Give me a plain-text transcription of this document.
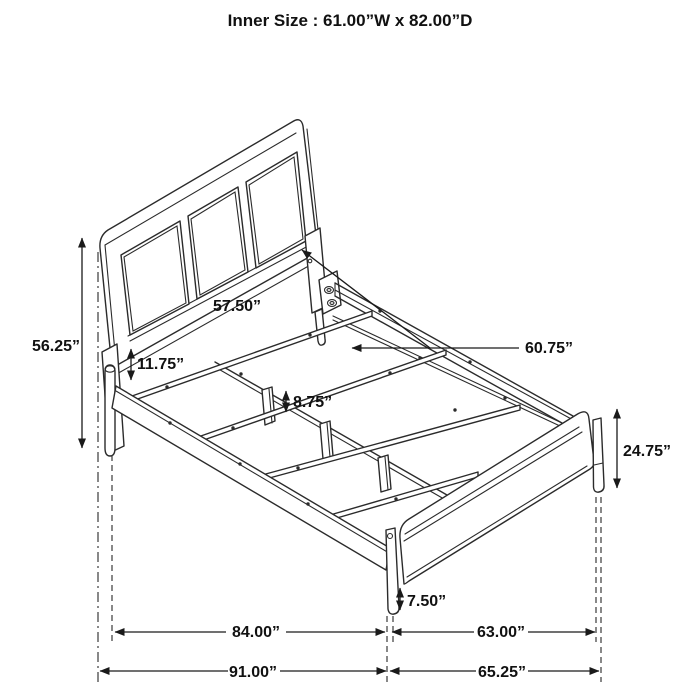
Inner Size : 61.00”W x 82.00”D
56.25”
11.75”
57.50”
60.75”
8.75”
24.75”
7.50”
84.00”	63.00”
91.00”	65.25”
